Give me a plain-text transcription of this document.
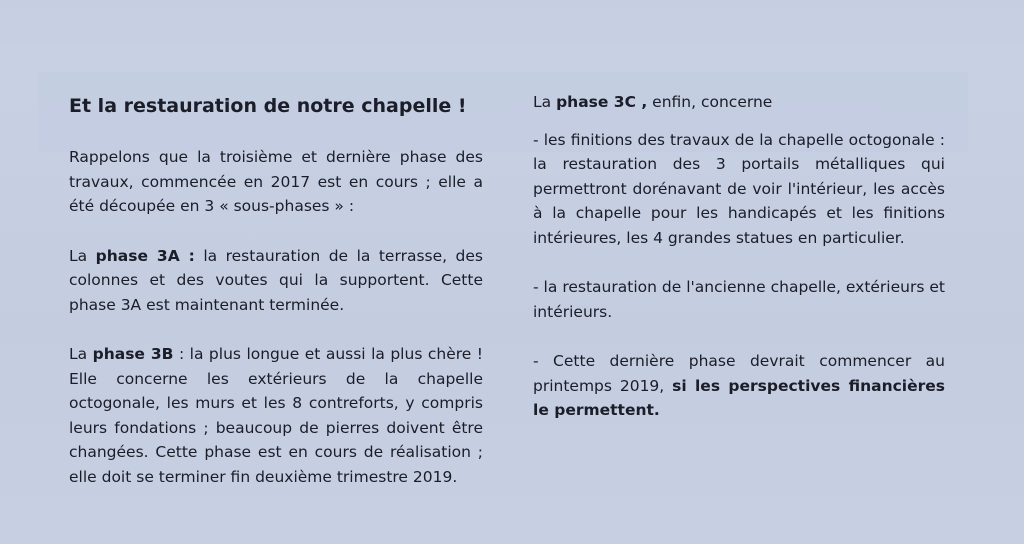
Et la restauration de notre chapelle !

Rappelons que la troisième et dernière phase des travaux, commencée en 2017 est en cours ; elle a été découpée en 3 « sous-phases » :

La phase 3A : la restauration de la terrasse, des colonnes et des voutes qui la supportent. Cette phase 3A est maintenant terminée.

La phase 3B : la plus longue et aussi la plus chère ! Elle concerne les extérieurs de la chapelle octogonale, les murs et les 8 contreforts, y compris leurs fondations ; beaucoup de pierres doivent être changées. Cette phase est en cours de réalisation ; elle doit se terminer fin deuxième trimestre 2019.

La phase 3C , enfin, concerne

- les finitions des travaux de la chapelle octogonale : la restauration des 3 portails métalliques qui permettront dorénavant de voir l'intérieur, les accès à la chapelle pour les handicapés et les finitions intérieures, les 4 grandes statues en particulier.

- la restauration de l'ancienne chapelle, extérieurs et intérieurs.

- Cette dernière phase devrait commencer au printemps 2019, si les perspectives financières le permettent.
